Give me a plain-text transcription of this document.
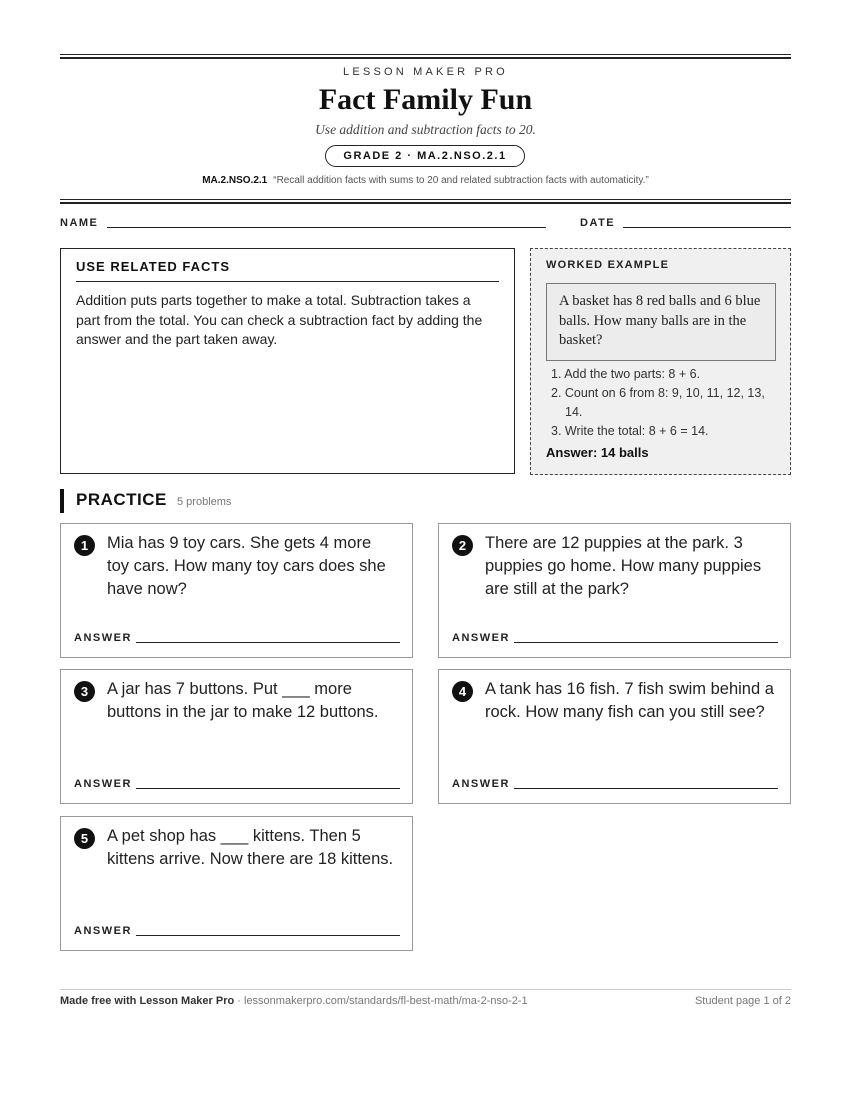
LESSON MAKER PRO
Fact Family Fun
Use addition and subtraction facts to 20.
GRADE 2 · MA.2.NSO.2.1
MA.2.NSO.2.1 “Recall addition facts with sums to 20 and related subtraction facts with automaticity.”
NAME	DATE
USE RELATED FACTS
Addition puts parts together to make a total. Subtraction takes a part from the total. You can check a subtraction fact by adding the answer and the part taken away.
WORKED EXAMPLE
A basket has 8 red balls and 6 blue balls. How many balls are in the basket?
1. Add the two parts: 8 + 6.
2. Count on 6 from 8: 9, 10, 11, 12, 13, 14.
3. Write the total: 8 + 6 = 14.
Answer: 14 balls
PRACTICE 5 problems
1	Mia has 9 toy cars. She gets 4 more toy cars. How many toy cars does she have now?
ANSWER
2	There are 12 puppies at the park. 3 puppies go home. How many puppies are still at the park?
ANSWER
3	A jar has 7 buttons. Put ___ more buttons in the jar to make 12 buttons.
ANSWER
4	A tank has 16 fish. 7 fish swim behind a rock. How many fish can you still see?
ANSWER
5	A pet shop has ___ kittens. Then 5 kittens arrive. Now there are 18 kittens.
ANSWER
Made free with Lesson Maker Pro · lessonmakerpro.com/standards/fl-best-math/ma-2-nso-2-1	Student page 1 of 2
